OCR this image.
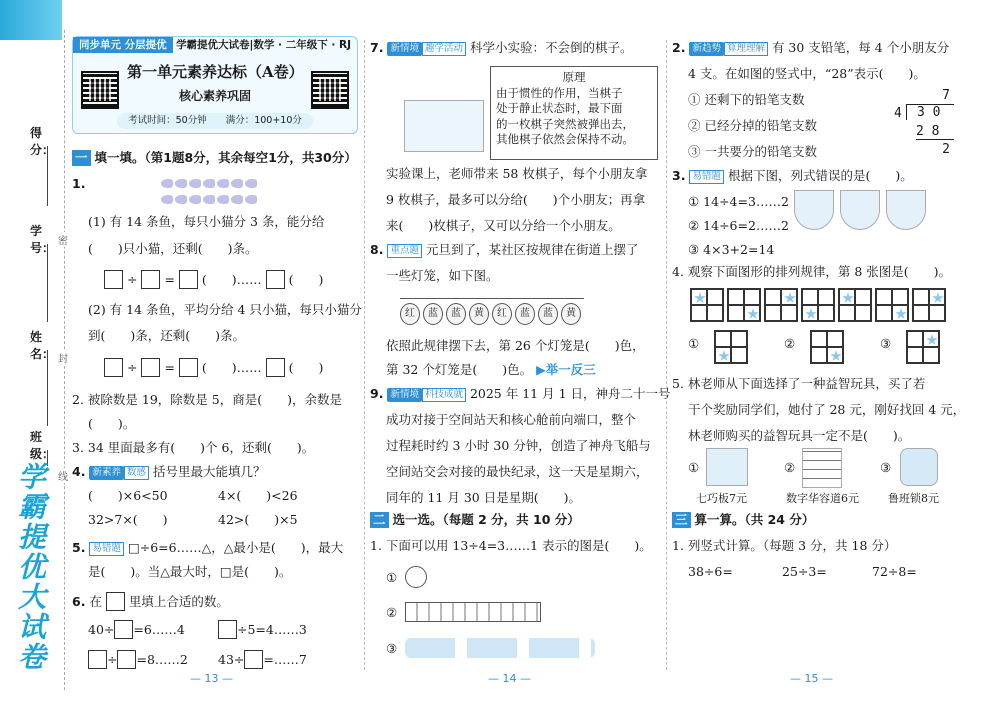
得分：
学号：
姓名：
班级：
学霸提优大试卷
密
封
线
同步单元 分层提优 学霸提优大试卷|数学 · 二年级下 · RJ
第一单元素养达标（A卷）
核心素养巩固
考试时间：50分钟　　满分：100+10分
一 填一填。（第1题8分，其余每空1分，共30分）
1.

(1) 有 14 条鱼，每只小猫分 3 条，能分给
(　　)只小猫，还剩(　　)条。
÷ = (　　)…… (　　)
(2) 有 14 条鱼，平均分给 4 只小猫，每只小猫分
到(　　)条，还剩(　　)条。
÷ = (　　)…… (　　)
2. 被除数是 19，除数是 5，商是(　　)，余数是
(　　)。
3. 34 里面最多有(　　)个 6，还剩(　　)。
4. 新素养 数感 括号里最大能填几？
(　　)×6<50	4×(　　)<26
32>7×(　　)	42>(　　)×5
5. 易错题 □÷6=6……△，△最小是(　　)，最大
是(　　)。当△最大时，□是(　　)。
6. 在 里填上合适的数。
40÷ =6……4	÷5=4……3
÷ =8……2 43÷ =……7
— 13 —
7. 新情境 趣学活动 科学小实验：不会倒的棋子。
原理
由于惯性的作用，当棋子
处于静止状态时，最下面
的一枚棋子突然被弹出去，
其他棋子依然会保持不动。
实验课上，老师带来 58 枚棋子，每个小朋友拿
9 枚棋子，最多可以分给(　　)个小朋友；再拿
来(　　)枚棋子，又可以分给一个小朋友。
8. 重点题 元旦到了，某社区按规律在街道上摆了
一些灯笼，如下图。
红 蓝 蓝 黄 红 蓝 蓝 黄
依照此规律摆下去，第 26 个灯笼是(　　)色，
第 32 个灯笼是(　　)色。 ▶举一反三
9. 新情境 科技成就 2025 年 11 月 1 日，神舟二十一号
成功对接于空间站天和核心舱前向端口，整个
过程耗时约 3 小时 30 分钟，创造了神舟飞船与
空间站交会对接的最快纪录，这一天是星期六，
同年的 11 月 30 日是星期(　　)。
二 选一选。（每题 2 分，共 10 分）
1. 下面可以用 13÷4=3……1 表示的图是(　　)。
①
②
③
— 14 —
2. 新趋势 算理理解 有 30 支铅笔，每 4 个小朋友分
4 支。在如图的竖式中，“28”表示(　　)。
① 还剩下的铅笔支数
② 已经分掉的铅笔支数
③ 一共要分的铅笔支数
7
4	3 0
2 8
2
3. 易错题 根据下图，列式错误的是(　　)。
① 14÷4=3……2
② 14÷6=2……2
③ 4×3+2=14
4. 观察下面图形的排列规律，第 8 张图是(　　)。
①	②	③
5. 林老师从下面选择了一种益智玩具，买了若
干个奖励同学们，她付了 28 元，刚好找回 4 元，
林老师购买的益智玩具一定不是(　　)。
①
七巧板7元
②
数字华容道6元
③
鲁班锁8元
三 算一算。（共 24 分）
1. 列竖式计算。（每题 3 分，共 18 分）
38÷6=	25÷3=	72÷8=
— 15 —
